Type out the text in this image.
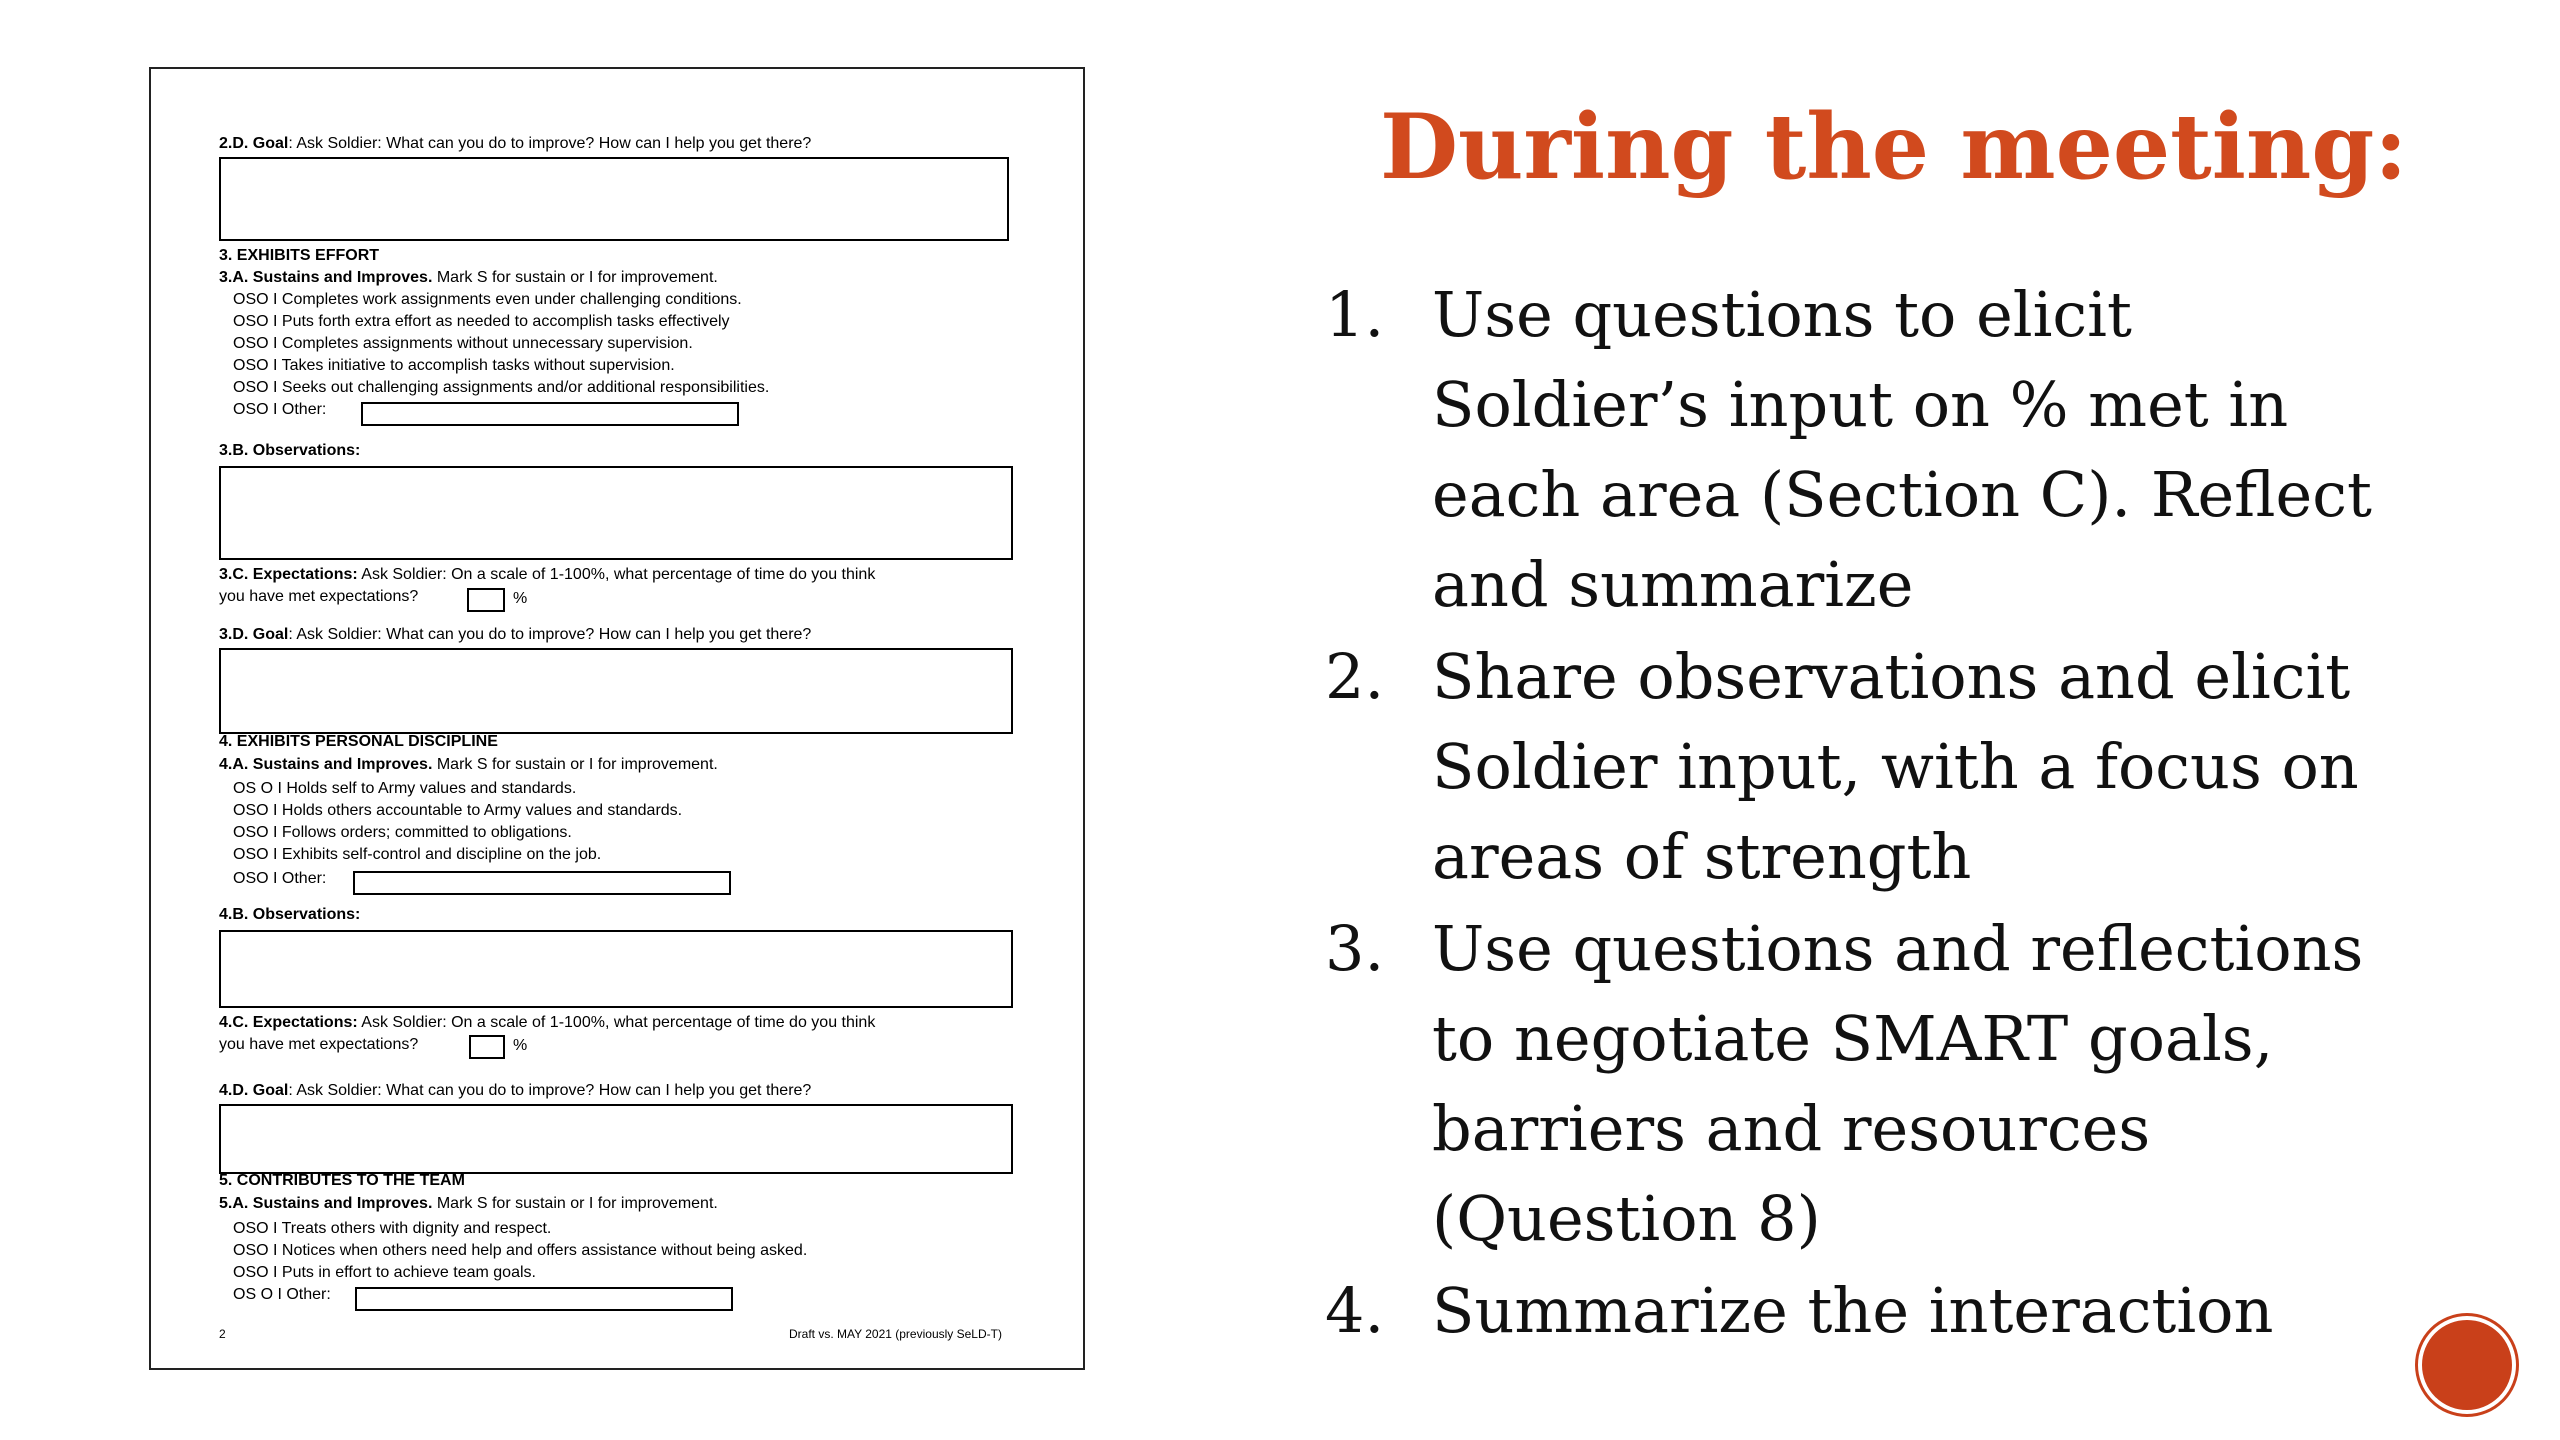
2.D. Goal: Ask Soldier: What can you do to improve? How can I help you get there?
3. EXHIBITS EFFORT
3.A. Sustains and Improves. Mark S for sustain or I for improvement.
OSO I Completes work assignments even under challenging conditions.
OSO I Puts forth extra effort as needed to accomplish tasks effectively
OSO I Completes assignments without unnecessary supervision.
OSO I Takes initiative to accomplish tasks without supervision.
OSO I Seeks out challenging assignments and/or additional responsibilities.
OSO I Other:
3.B. Observations:
3.C. Expectations: Ask Soldier: On a scale of 1-100%, what percentage of time do you think
you have met expectations?	%
3.D. Goal: Ask Soldier: What can you do to improve? How can I help you get there?
4. EXHIBITS PERSONAL DISCIPLINE
4.A. Sustains and Improves. Mark S for sustain or I for improvement.
OS O I Holds self to Army values and standards.
OSO I Holds others accountable to Army values and standards.
OSO I Follows orders; committed to obligations.
OSO I Exhibits self-control and discipline on the job.
OSO I Other:
4.B. Observations:
4.C. Expectations: Ask Soldier: On a scale of 1-100%, what percentage of time do you think
you have met expectations?	%
4.D. Goal: Ask Soldier: What can you do to improve? How can I help you get there?
5. CONTRIBUTES TO THE TEAM
5.A. Sustains and Improves. Mark S for sustain or I for improvement.
OSO I Treats others with dignity and respect.
OSO I Notices when others need help and offers assistance without being asked.
OSO I Puts in effort to achieve team goals.
OS O I Other:
2	Draft vs. MAY 2021 (previously SeLD-T)
During the meeting:
1. Use questions to elicit
Soldier’s input on % met in
each area (Section C). Reflect
and summarize
2. Share observations and elicit
Soldier input, with a focus on
areas of strength
3. Use questions and reflections
to negotiate SMART goals,
barriers and resources
(Question 8)
4. Summarize the interaction
